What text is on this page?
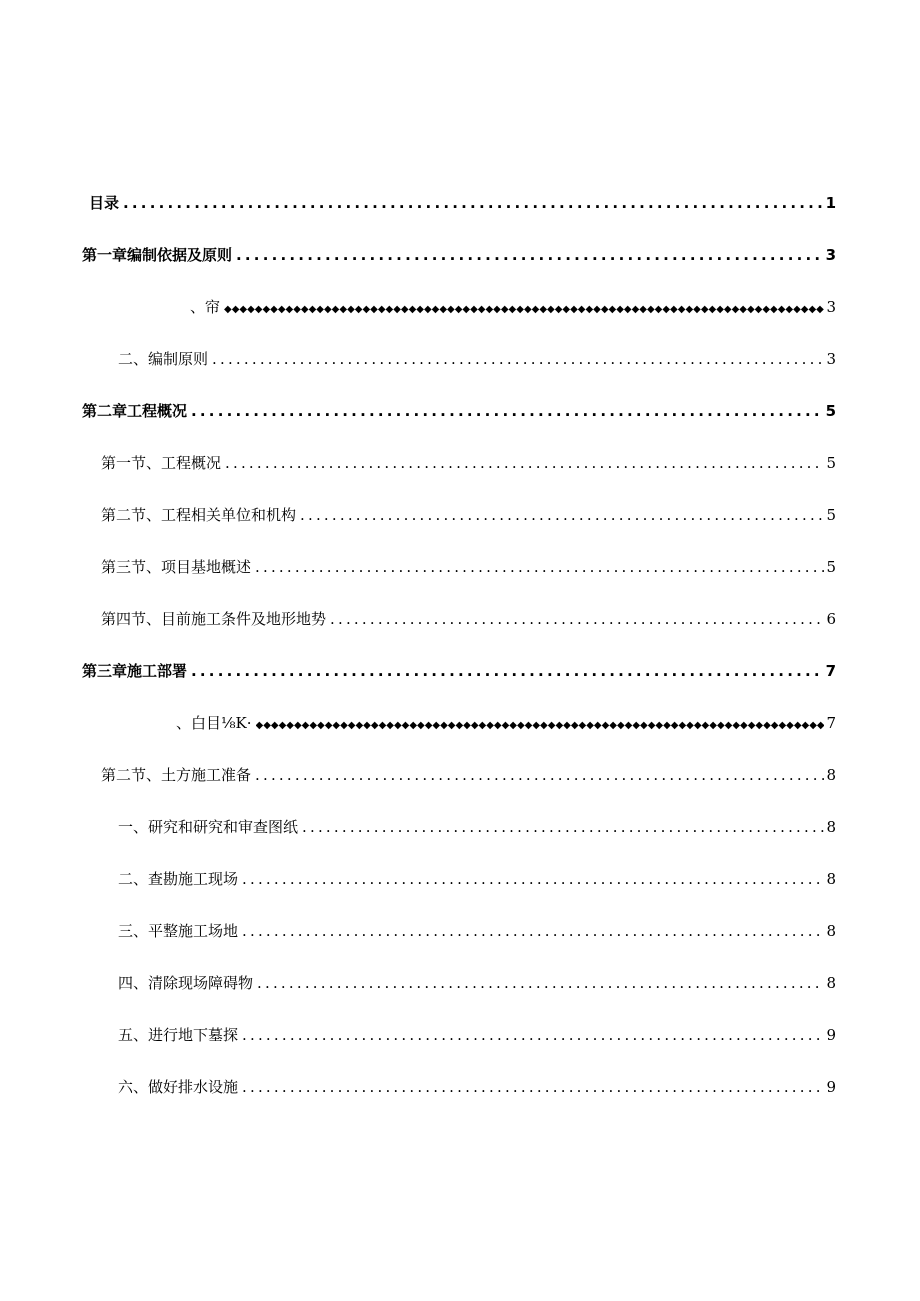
目录 .....	1
第一章编制依据及原则 .....	3
、帘 ◆◆◆◆◆◆◆◆◆◆◆◆◆◆◆◆◆◆◆◆◆◆◆◆◆◆◆◆◆◆◆◆◆◆◆◆◆◆◆◆◆◆◆◆◆◆◆◆◆◆◆◆◆◆◆◆◆◆◆◆◆◆◆◆◆◆◆◆◆◆◆◆◆◆◆◆◆◆◆◆◆◆◆◆◆◆◆◆◆◆◆◆◆◆◆◆◆◆◆◆	3
二、编制原则 .....	3
第二章工程概况 .....	5
第一节、工程概况 .....	5
第二节、工程相关单位和机构 .....	5
第三节、项目基地概述 .....	5
第四节、目前施工条件及地形地势 .....	6
第三章施工部署 .....	7
、白目⅛K· ◆◆◆◆◆◆◆◆◆◆◆◆◆◆◆◆◆◆◆◆◆◆◆◆◆◆◆◆◆◆◆◆◆◆◆◆◆◆◆◆◆◆◆◆◆◆◆◆◆◆◆◆◆◆◆◆◆◆◆◆◆◆◆◆◆◆◆◆◆◆◆◆◆◆◆◆◆◆◆◆◆◆◆◆◆◆◆◆◆◆◆◆◆◆◆◆◆◆◆◆	7
第二节、土方施工准备 .....	8
一、研究和研究和审查图纸 .....	8
二、查勘施工现场 .....	8
三、平整施工场地 .....	8
四、清除现场障碍物 .....	8
五、进行地下墓探 .....	9
六、做好排水设施 .....	9
